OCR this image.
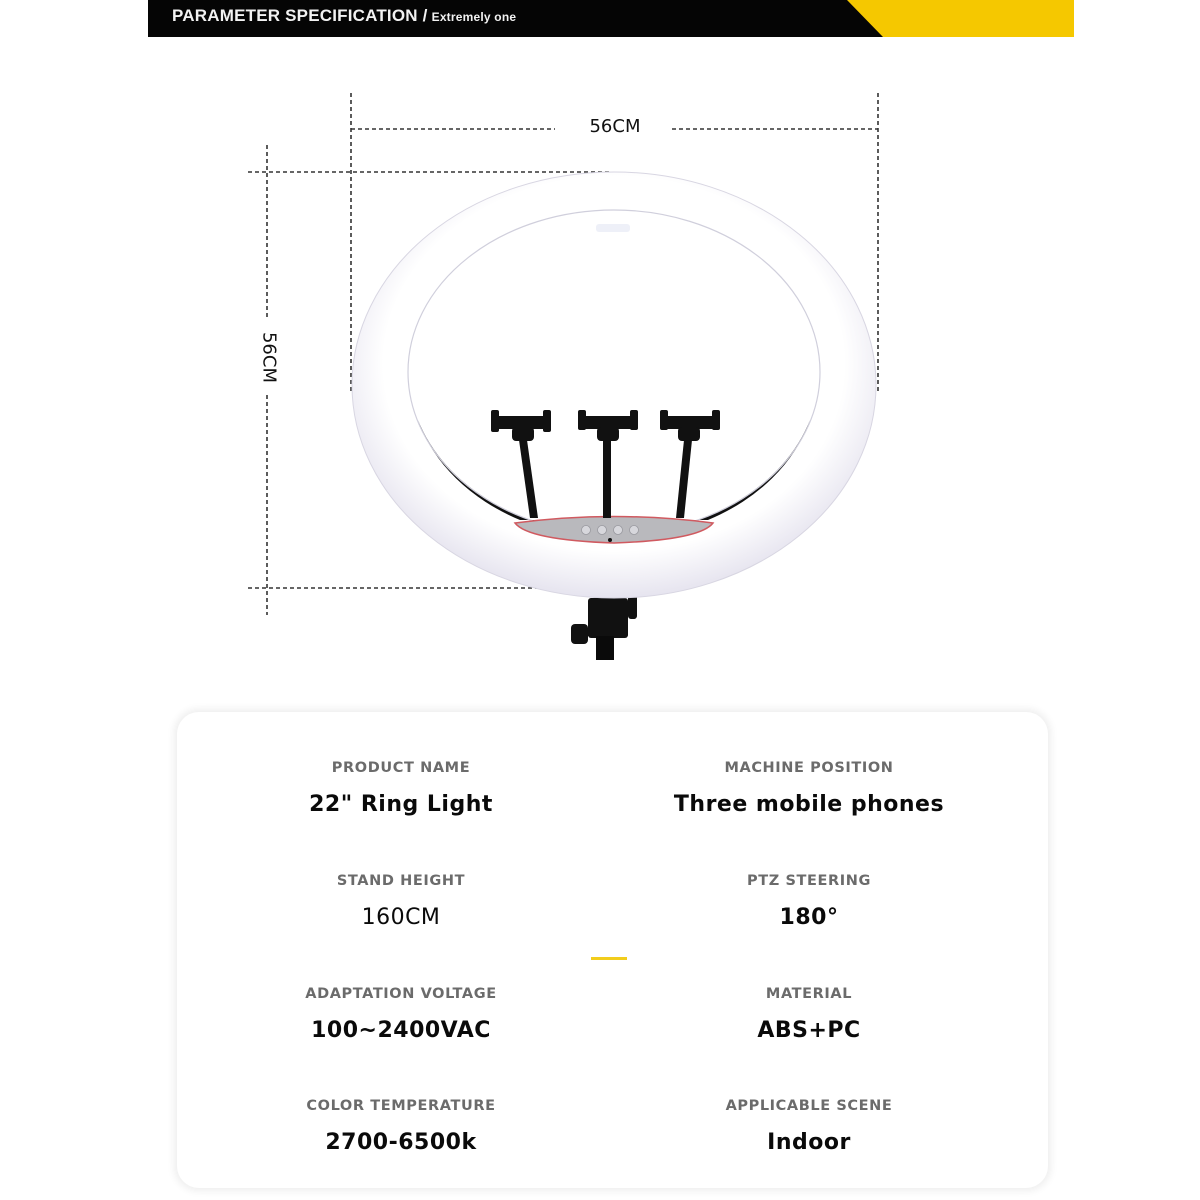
PARAMETER SPECIFICATION / Extremely one
56CM
56CM
PRODUCT NAME
22" Ring Light
MACHINE POSITION
Three mobile phones
STAND HEIGHT
160CM
PTZ STEERING
180°
ADAPTATION VOLTAGE
100~2400VAC
MATERIAL
ABS+PC
COLOR TEMPERATURE
2700-6500k
APPLICABLE SCENE
Indoor
